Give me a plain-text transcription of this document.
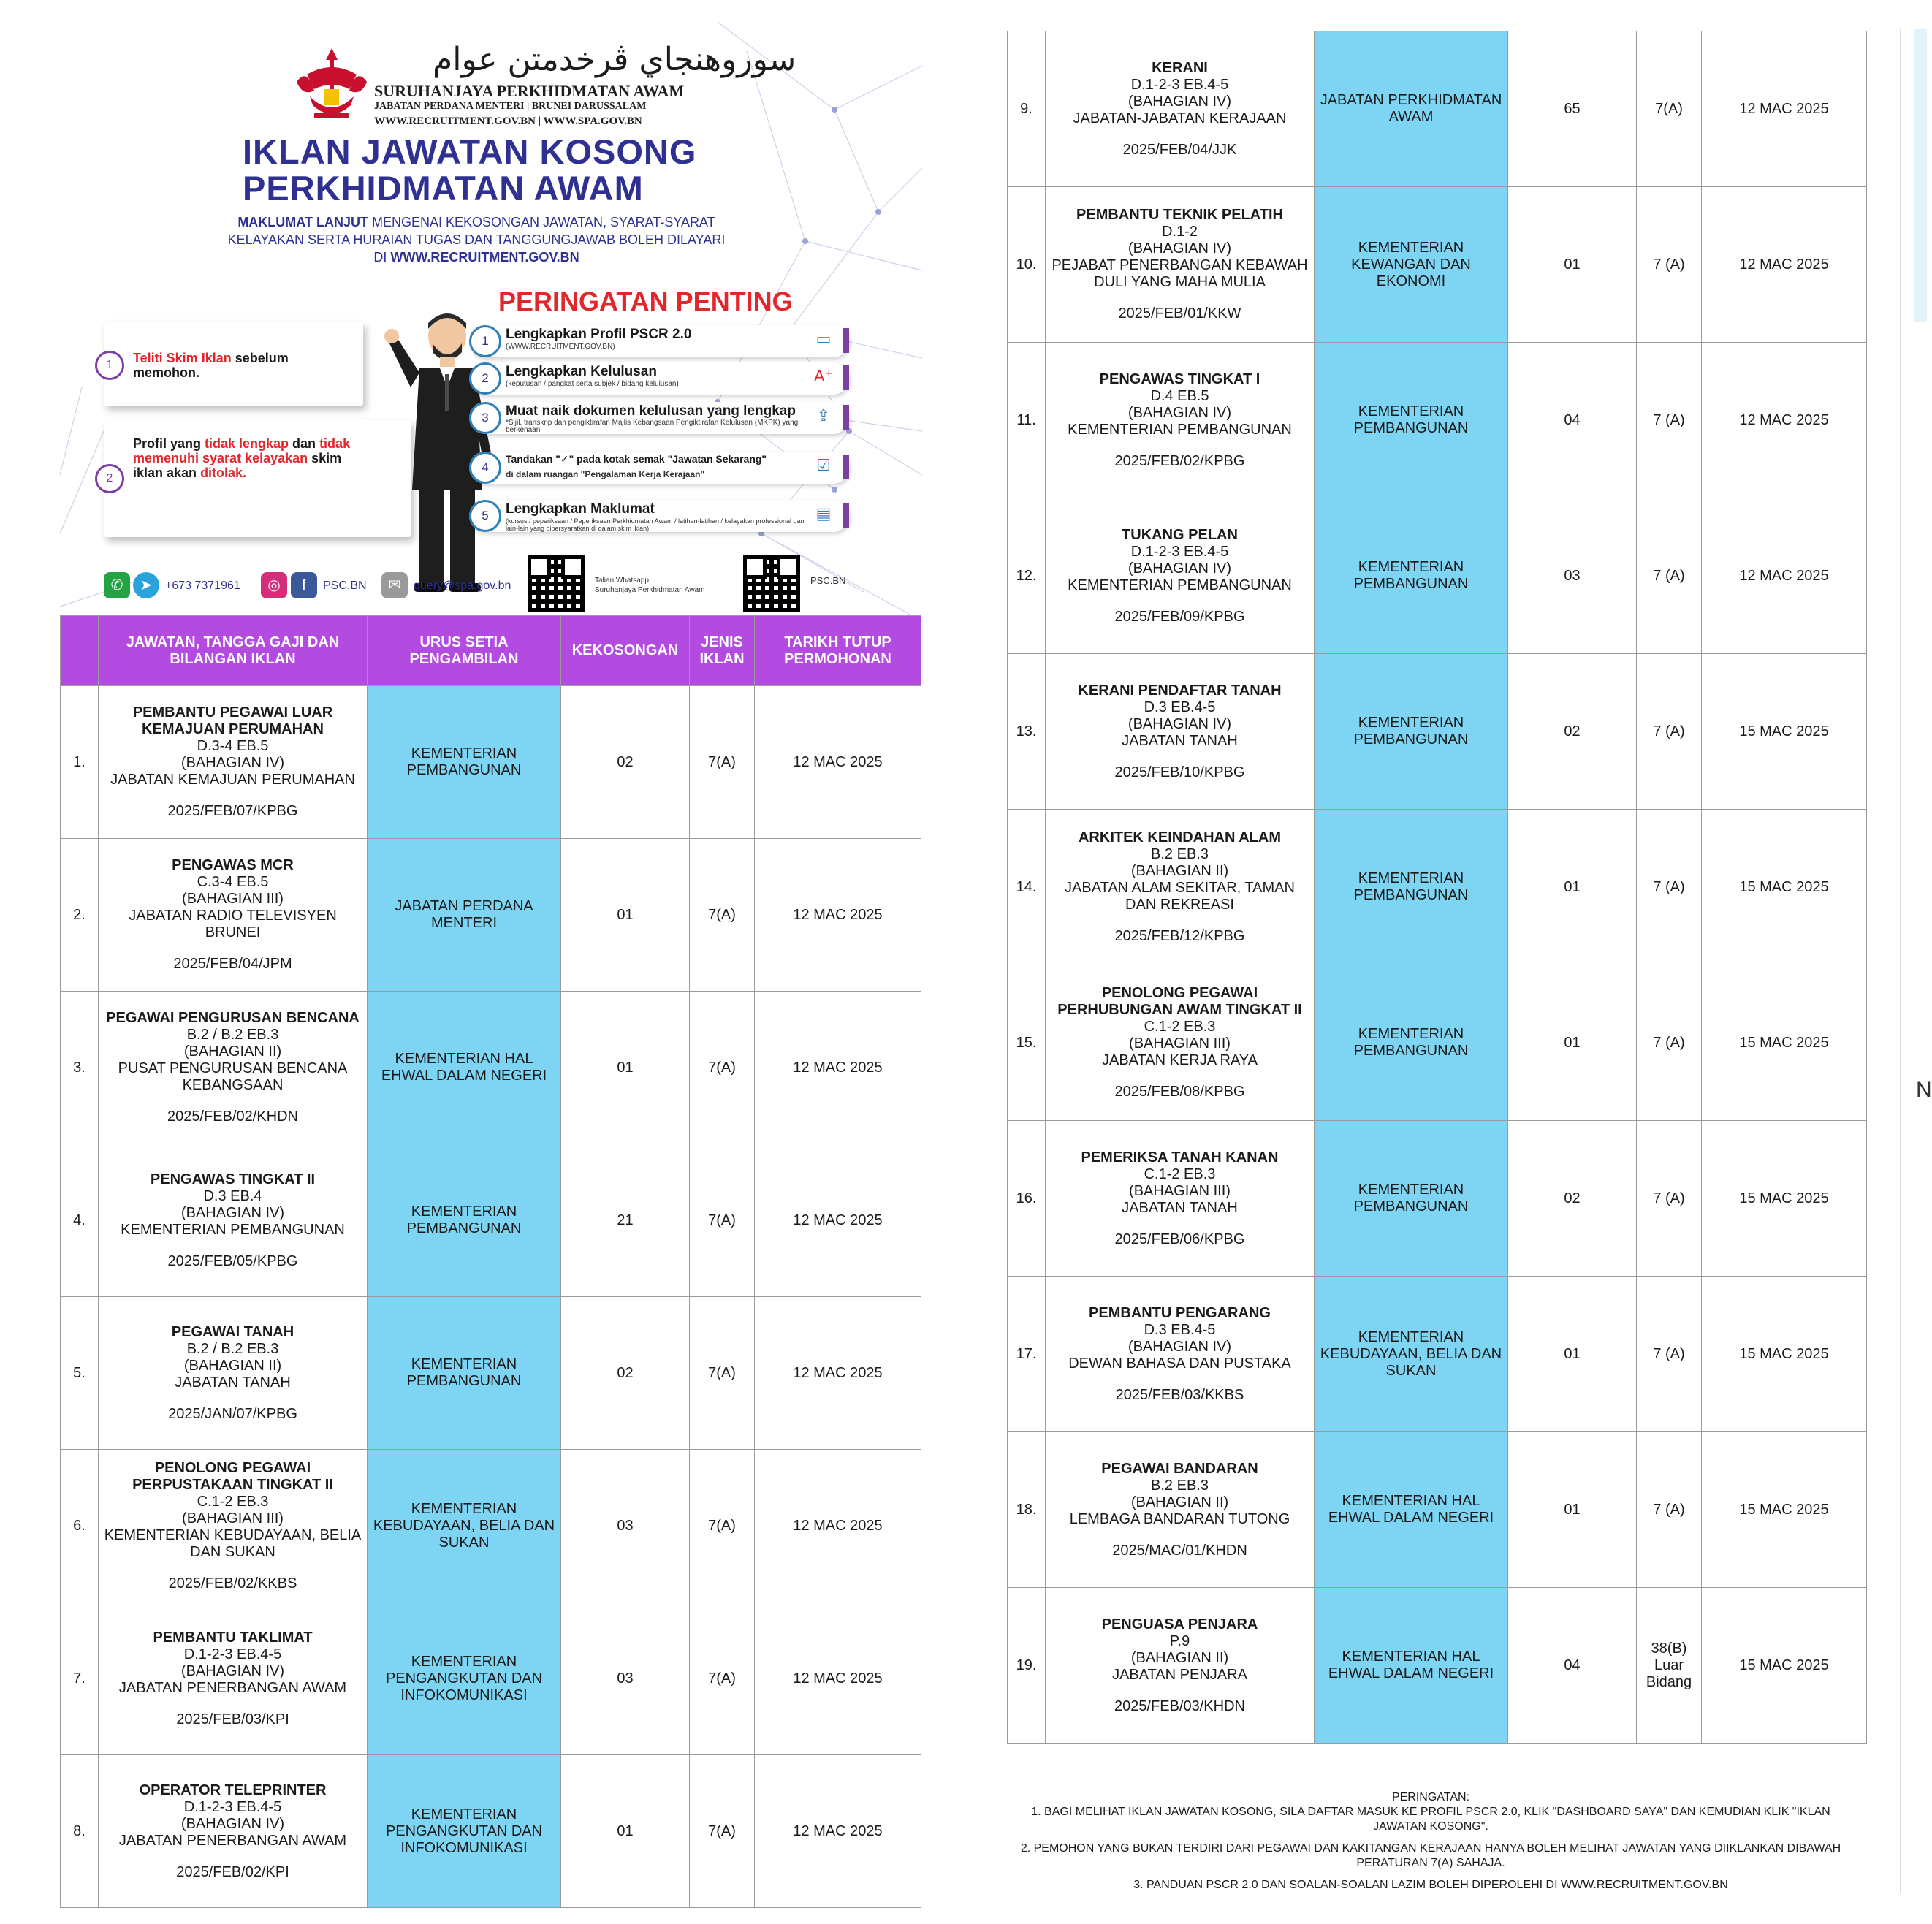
سوروهنجاي ڤرخدمتن عوام
SURUHANJAYA PERKHIDMATAN AWAM
JABATAN PERDANA MENTERI | BRUNEI DARUSSALAM
WWW.RECRUITMENT.GOV.BN | WWW.SPA.GOV.BN
IKLAN JAWATAN KOSONG
PERKHIDMATAN AWAM
MAKLUMAT LANJUT MENGENAI KEKOSONGAN JAWATAN, SYARAT-SYARAT
KELAYAKAN SERTA HURAIAN TUGAS DAN TANGGUNGJAWAB BOLEH DILAYARI
DI WWW.RECRUITMENT.GOV.BN
PERINGATAN PENTING
1	Teliti Skim Iklan sebelum memohon.
2
Profil yang tidak lengkap dan tidak memenuhi syarat kelayakan skim iklan akan ditolak.
1	Lengkapkan Profil PSCR 2.0
(WWW.RECRUITMENT.GOV.BN)	▭
2	Lengkapkan Kelulusan
(keputusan / pangkat serta subjek / bidang kelulusan)	A⁺
3	Muat naik dokumen kelulusan yang lengkap
*Sijil, transkrip dan pengiktirafan Majlis Kebangsaan Pengiktirafan Kelulusan (MKPK) yang berkenaan
⇪
4
Tandakan "✓" pada kotak semak "Jawatan Sekarang"
di dalam ruangan "Pengalaman Kerja Kerajaan"	☑
5	Lengkapkan Maklumat
(kursus / peperiksaan / Peperiksaan Perkhidmatan Awam / latihan-latihan / kelayakan professional dan lain-lain yang dipersyaratkan di dalam skim iklan)
▤
✆	➤	+673 7371961	◎	f	PSC.BN	✉	query@spa.gov.bn	Talian Whatsapp
Suruhanjaya Perkhidmatan Awam
PSC.BN
	JAWATAN, TANGGA GAJI DAN BILANGAN IKLAN	URUS SETIA PENGAMBILAN	KEKOSONGAN	JENIS IKLAN	TARIKH TUTUP PERMOHONAN
1.	PEMBANTU PEGAWAI LUAR KEMAJUAN PERUMAHAN
D.3-4 EB.5
(BAHAGIAN IV)
JABATAN KEMAJUAN PERUMAHAN
2025/FEB/07/KPBG	KEMENTERIAN PEMBANGUNAN	02	7(A)	12 MAC 2025
2.	PENGAWAS MCR
C.3-4 EB.5
(BAHAGIAN III)
JABATAN RADIO TELEVISYEN BRUNEI
2025/FEB/04/JPM	JABATAN PERDANA MENTERI	01	7(A)	12 MAC 2025
3.	PEGAWAI PENGURUSAN BENCANA
B.2 / B.2 EB.3
(BAHAGIAN II)
PUSAT PENGURUSAN BENCANA KEBANGSAAN
2025/FEB/02/KHDN	KEMENTERIAN HAL EHWAL DALAM NEGERI	01	7(A)	12 MAC 2025
4.	PENGAWAS TINGKAT II
D.3 EB.4
(BAHAGIAN IV)
KEMENTERIAN PEMBANGUNAN
2025/FEB/05/KPBG	KEMENTERIAN PEMBANGUNAN	21	7(A)	12 MAC 2025
5.	PEGAWAI TANAH
B.2 / B.2 EB.3
(BAHAGIAN II)
JABATAN TANAH
2025/JAN/07/KPBG	KEMENTERIAN PEMBANGUNAN	02	7(A)	12 MAC 2025
6.	PENOLONG PEGAWAI PERPUSTAKAAN TINGKAT II
C.1-2 EB.3
(BAHAGIAN III)
KEMENTERIAN KEBUDAYAAN, BELIA DAN SUKAN
2025/FEB/02/KKBS	KEMENTERIAN KEBUDAYAAN, BELIA DAN SUKAN	03	7(A)	12 MAC 2025
7.	PEMBANTU TAKLIMAT
D.1-2-3 EB.4-5
(BAHAGIAN IV)
JABATAN PENERBANGAN AWAM
2025/FEB/03/KPI	KEMENTERIAN PENGANGKUTAN DAN INFOKOMUNIKASI	03	7(A)	12 MAC 2025
8.	OPERATOR TELEPRINTER
D.1-2-3 EB.4-5
(BAHAGIAN IV)
JABATAN PENERBANGAN AWAM
2025/FEB/02/KPI	KEMENTERIAN PENGANGKUTAN DAN INFOKOMUNIKASI	01	7(A)	12 MAC 2025
9.	KERANI
D.1-2-3 EB.4-5
(BAHAGIAN IV)
JABATAN-JABATAN KERAJAAN
2025/FEB/04/JJK	JABATAN PERKHIDMATAN AWAM	65	7(A)	12 MAC 2025
10.	PEMBANTU TEKNIK PELATIH
D.1-2
(BAHAGIAN IV)
PEJABAT PENERBANGAN KEBAWAH DULI YANG MAHA MULIA
2025/FEB/01/KKW	KEMENTERIAN KEWANGAN DAN EKONOMI	01	7 (A)	12 MAC 2025
11.	PENGAWAS TINGKAT I
D.4 EB.5
(BAHAGIAN IV)
KEMENTERIAN PEMBANGUNAN
2025/FEB/02/KPBG	KEMENTERIAN PEMBANGUNAN	04	7 (A)	12 MAC 2025
12.	TUKANG PELAN
D.1-2-3 EB.4-5
(BAHAGIAN IV)
KEMENTERIAN PEMBANGUNAN
2025/FEB/09/KPBG	KEMENTERIAN PEMBANGUNAN	03	7 (A)	12 MAC 2025
13.	KERANI PENDAFTAR TANAH
D.3 EB.4-5
(BAHAGIAN IV)
JABATAN TANAH
2025/FEB/10/KPBG	KEMENTERIAN PEMBANGUNAN	02	7 (A)	15 MAC 2025
14.	ARKITEK KEINDAHAN ALAM
B.2 EB.3
(BAHAGIAN II)
JABATAN ALAM SEKITAR, TAMAN DAN REKREASI
2025/FEB/12/KPBG	KEMENTERIAN PEMBANGUNAN	01	7 (A)	15 MAC 2025
15.	PENOLONG PEGAWAI PERHUBUNGAN AWAM TINGKAT II
C.1-2 EB.3
(BAHAGIAN III)
JABATAN KERJA RAYA
2025/FEB/08/KPBG	KEMENTERIAN PEMBANGUNAN	01	7 (A)	15 MAC 2025
16.	PEMERIKSA TANAH KANAN
C.1-2 EB.3
(BAHAGIAN III)
JABATAN TANAH
2025/FEB/06/KPBG	KEMENTERIAN PEMBANGUNAN	02	7 (A)	15 MAC 2025
17.	PEMBANTU PENGARANG
D.3 EB.4-5
(BAHAGIAN IV)
DEWAN BAHASA DAN PUSTAKA
2025/FEB/03/KKBS	KEMENTERIAN KEBUDAYAAN, BELIA DAN SUKAN	01	7 (A)	15 MAC 2025
18.	PEGAWAI BANDARAN
B.2 EB.3
(BAHAGIAN II)
LEMBAGA BANDARAN TUTONG
2025/MAC/01/KHDN	KEMENTERIAN HAL EHWAL DALAM NEGERI	01	7 (A)	15 MAC 2025
19.	PENGUASA PENJARA
P.9
(BAHAGIAN II)
JABATAN PENJARA
2025/FEB/03/KHDN	KEMENTERIAN HAL EHWAL DALAM NEGERI	04	38(B)
Luar
Bidang	15 MAC 2025

PERINGATAN:

1. BAGI MELIHAT IKLAN JAWATAN KOSONG, SILA DAFTAR MASUK KE PROFIL PSCR 2.0, KLIK "DASHBOARD SAYA" DAN KEMUDIAN KLIK "IKLAN JAWATAN KOSONG".

2. PEMOHON YANG BUKAN TERDIRI DARI PEGAWAI DAN KAKITANGAN KERAJAAN HANYA BOLEH MELIHAT JAWATAN YANG DIIKLANKAN DIBAWAH PERATURAN 7(A) SAHAJA.

3. PANDUAN PSCR 2.0 DAN SOALAN-SOALAN LAZIM BOLEH DIPEROLEHI DI WWW.RECRUITMENT.GOV.BN

N
